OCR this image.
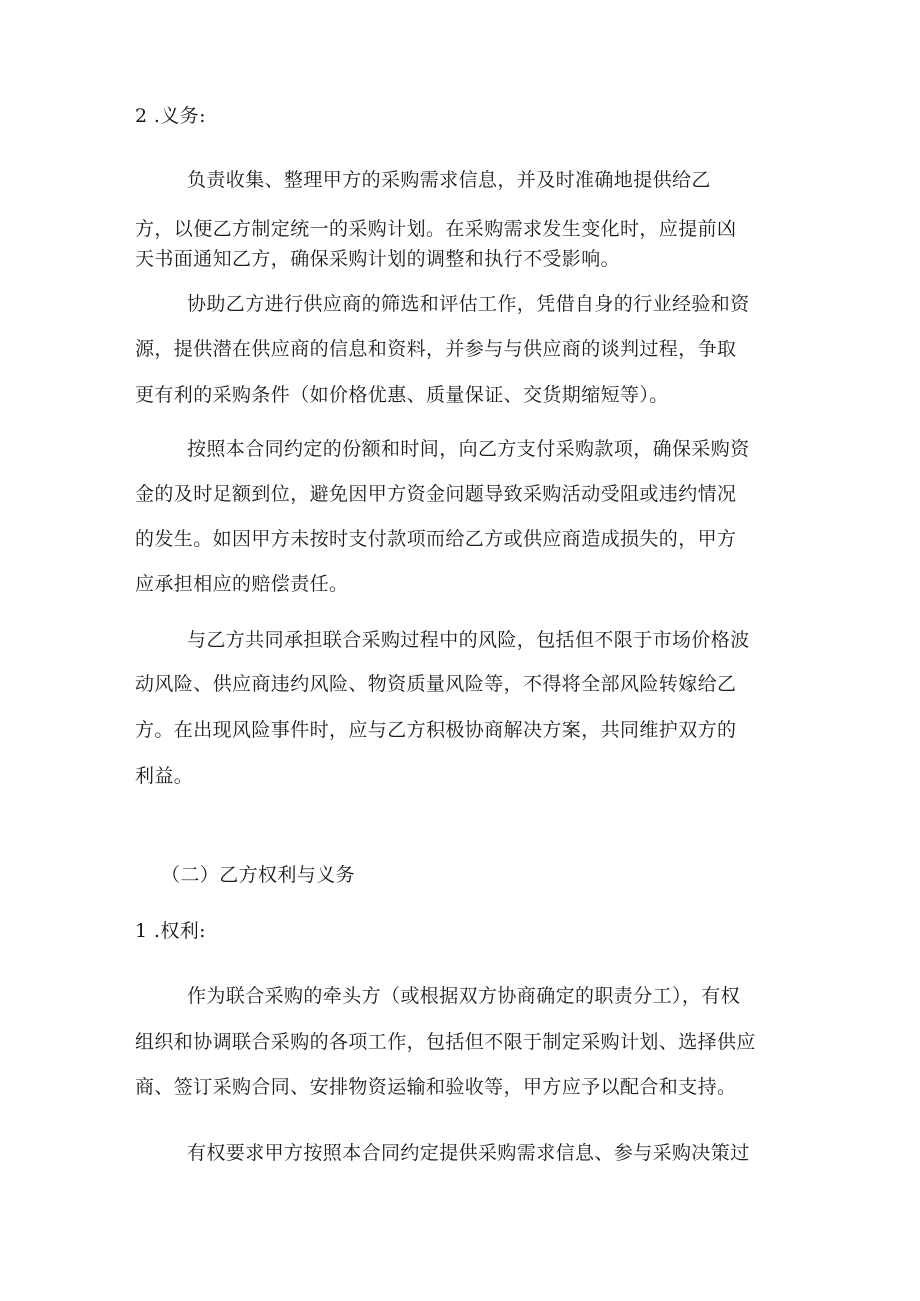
2 .义务:
负责收集、整理甲方的采购需求信息，并及时准确地提供给乙
方，以便乙方制定统一的采购计划。在采购需求发生变化时，应提前凶
天书面通知乙方，确保采购计划的调整和执行不受影响。
协助乙方进行供应商的筛选和评估工作，凭借自身的行业经验和资
源，提供潜在供应商的信息和资料，并参与与供应商的谈判过程，争取
更有利的采购条件（如价格优惠、质量保证、交货期缩短等）。
按照本合同约定的份额和时间，向乙方支付采购款项，确保采购资
金的及时足额到位，避免因甲方资金问题导致采购活动受阻或违约情况
的发生。如因甲方未按时支付款项而给乙方或供应商造成损失的，甲方
应承担相应的赔偿责任。
与乙方共同承担联合采购过程中的风险，包括但不限于市场价格波
动风险、供应商违约风险、物资质量风险等，不得将全部风险转嫁给乙
方。在出现风险事件时，应与乙方积极协商解决方案，共同维护双方的
利益。
（二）乙方权利与义务
1 .权利:
作为联合采购的牵头方（或根据双方协商确定的职责分工），有权
组织和协调联合采购的各项工作，包括但不限于制定采购计划、选择供应
商、签订采购合同、安排物资运输和验收等，甲方应予以配合和支持。
有权要求甲方按照本合同约定提供采购需求信息、参与采购决策过
